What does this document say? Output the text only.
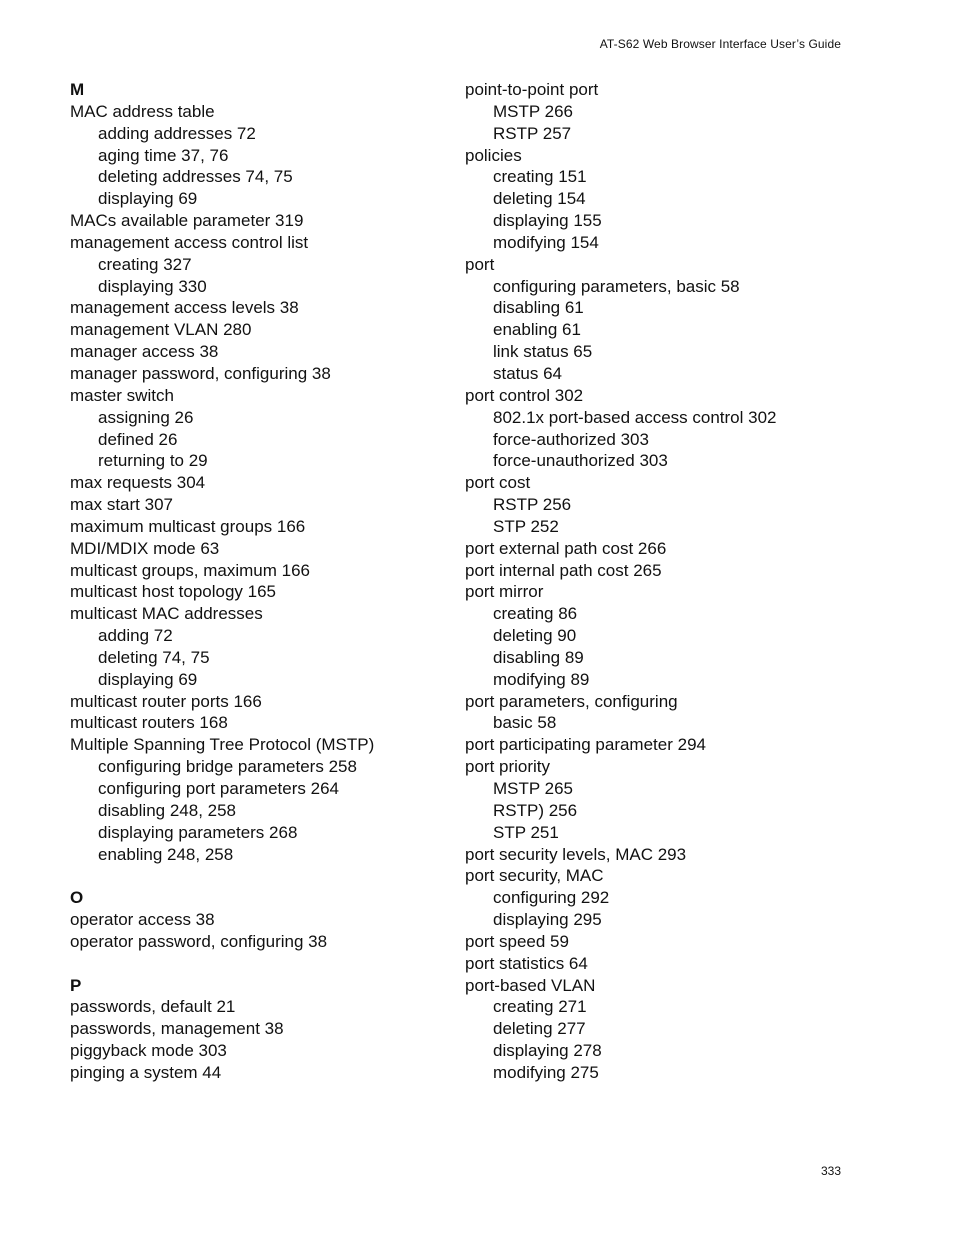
AT-S62 Web Browser Interface User’s Guide
M
MAC address table
adding addresses 72
aging time 37, 76
deleting addresses 74, 75
displaying 69
MACs available parameter 319
management access control list
creating 327
displaying 330
management access levels 38
management VLAN 280
manager access 38
manager password, configuring 38
master switch
assigning 26
defined 26
returning to 29
max requests 304
max start 307
maximum multicast groups 166
MDI/MDIX mode 63
multicast groups, maximum 166
multicast host topology 165
multicast MAC addresses
adding 72
deleting 74, 75
displaying 69
multicast router ports 166
multicast routers 168
Multiple Spanning Tree Protocol (MSTP)
configuring bridge parameters 258
configuring port parameters 264
disabling 248, 258
displaying parameters 268
enabling 248, 258
O
operator access 38
operator password, configuring 38
P
passwords, default 21
passwords, management 38
piggyback mode 303
pinging a system 44
point-to-point port
MSTP 266
RSTP 257
policies
creating 151
deleting 154
displaying 155
modifying 154
port
configuring parameters, basic 58
disabling 61
enabling 61
link status 65
status 64
port control 302
802.1x port-based access control 302
force-authorized 303
force-unauthorized 303
port cost
RSTP 256
STP 252
port external path cost 266
port internal path cost 265
port mirror
creating 86
deleting 90
disabling 89
modifying 89
port parameters, configuring
basic 58
port participating parameter 294
port priority
MSTP 265
RSTP) 256
STP 251
port security levels, MAC 293
port security, MAC
configuring 292
displaying 295
port speed 59
port statistics 64
port-based VLAN
creating 271
deleting 277
displaying 278
modifying 275
333
